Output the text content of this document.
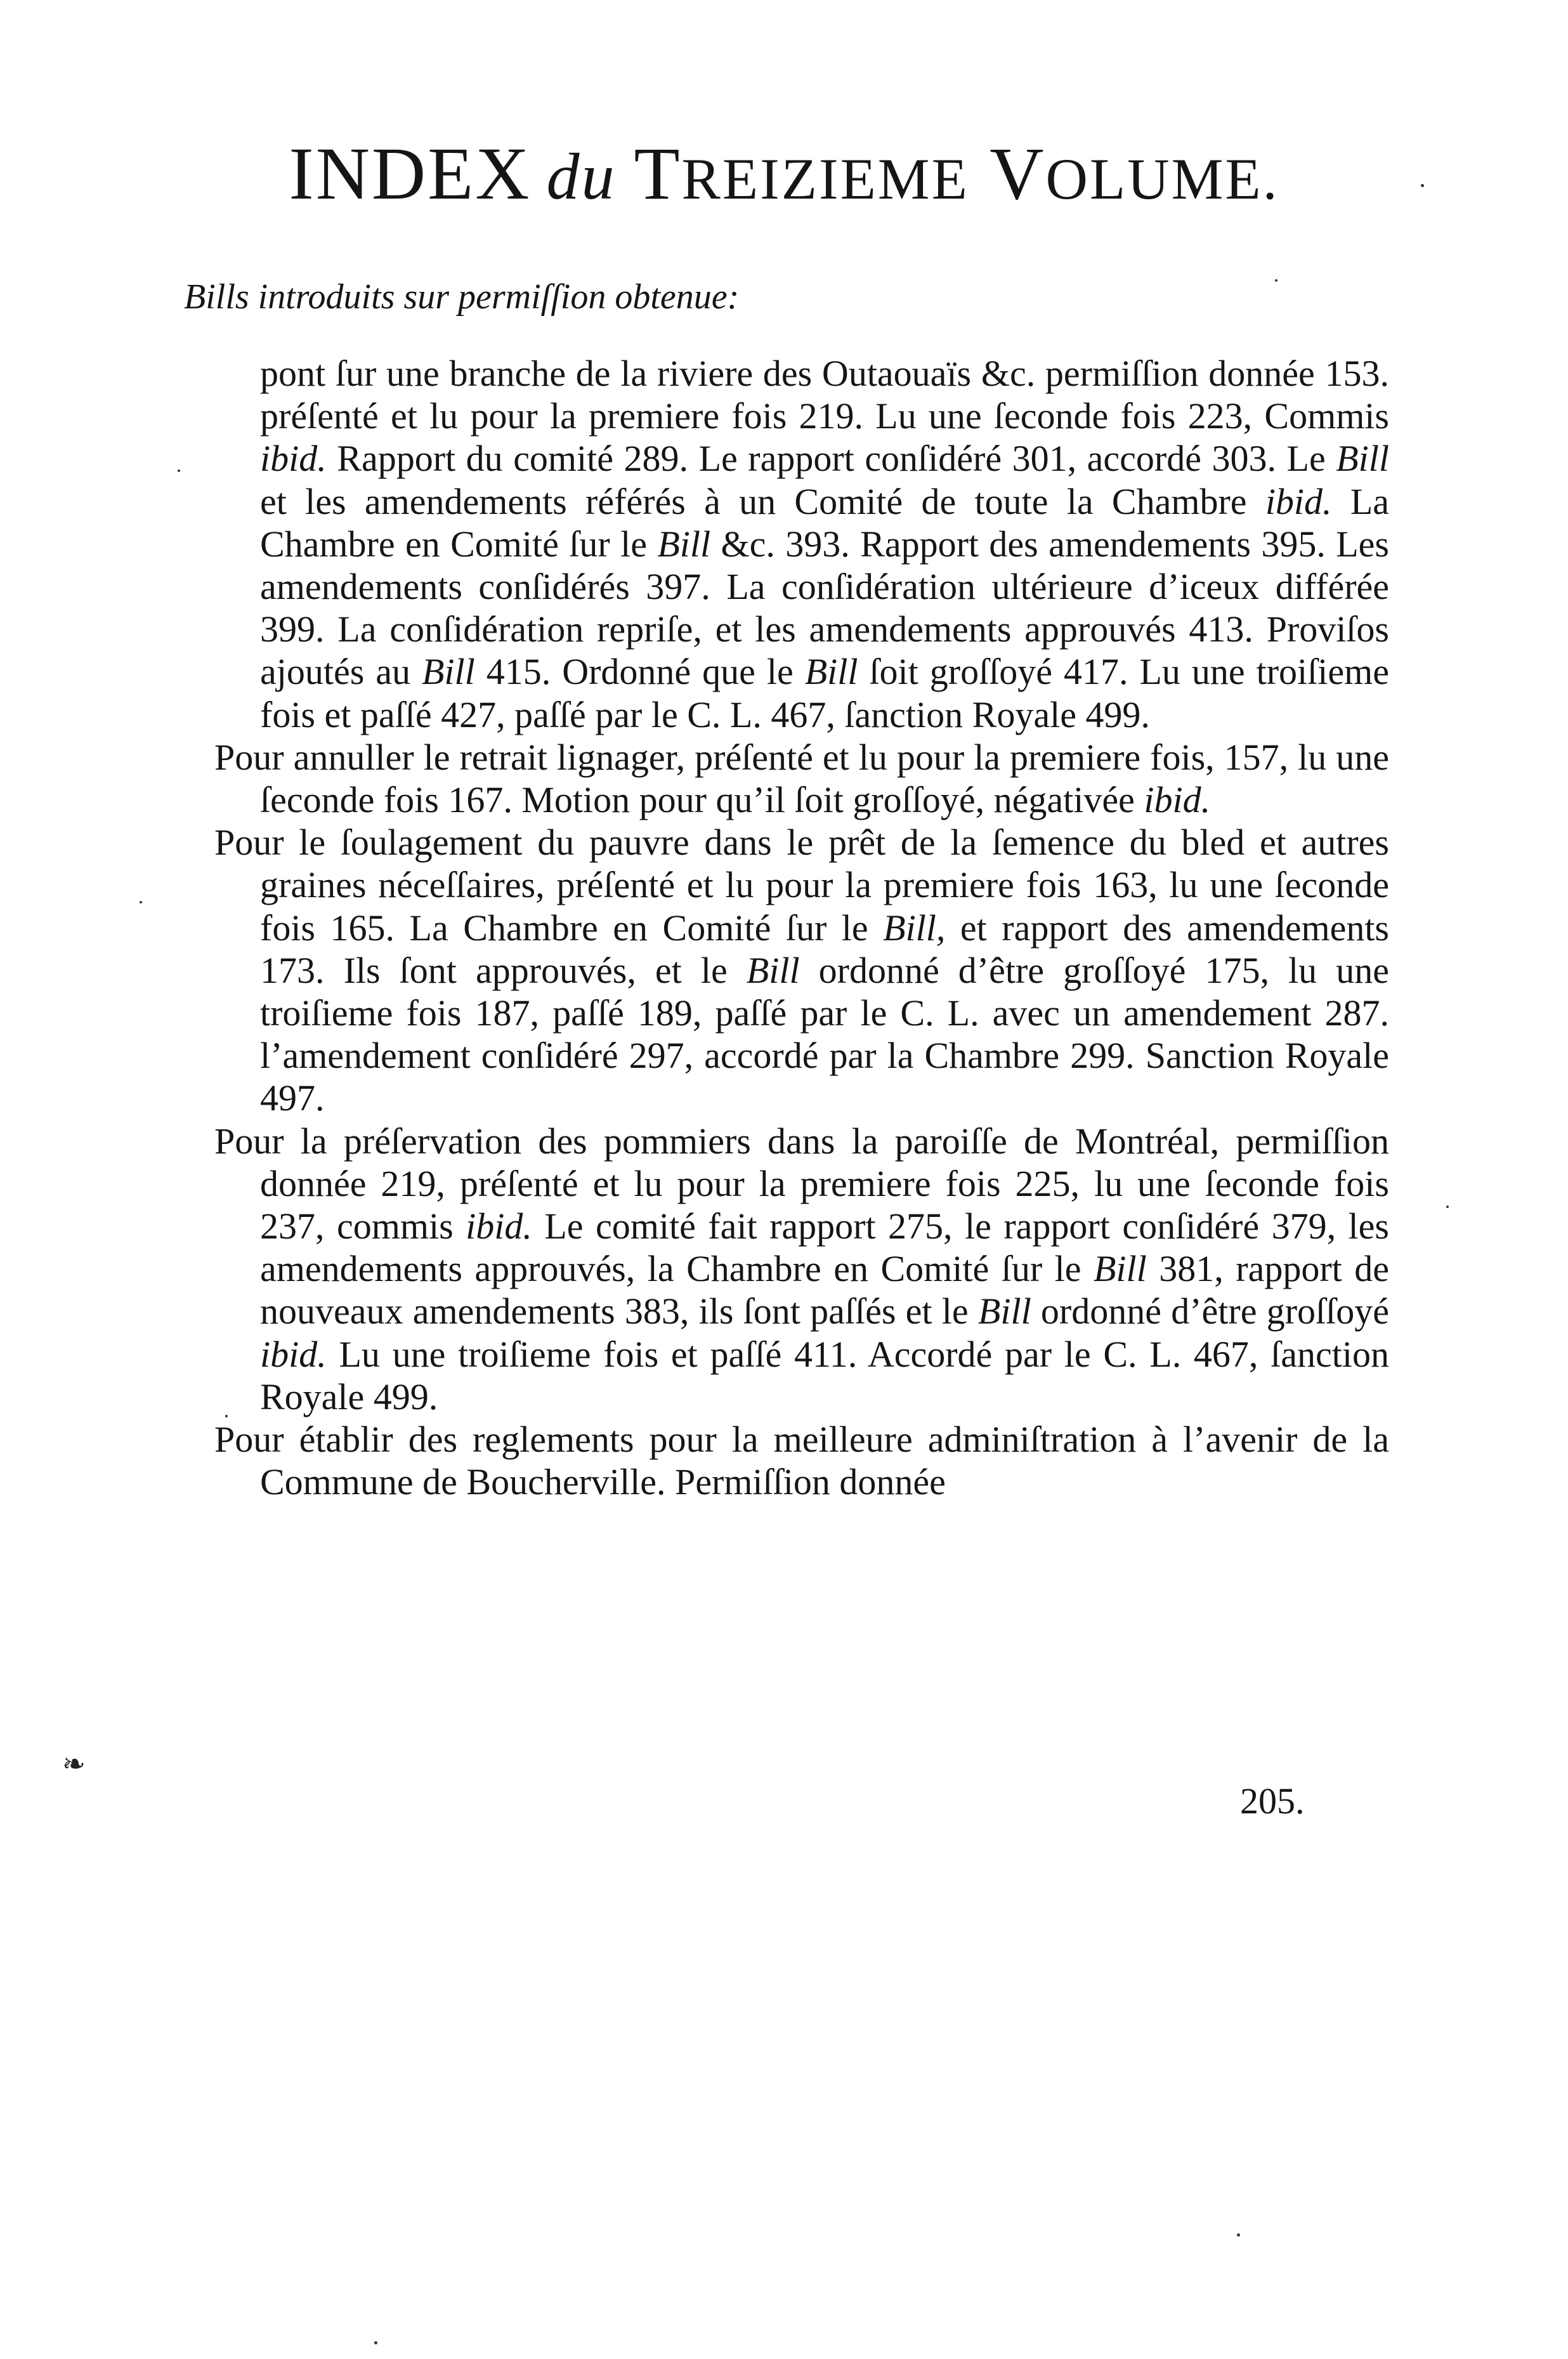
INDEX du TREIZIEME VOLUME.
Bills introduits sur permiſſion obtenue:

pont ſur une branche de la riviere des Outaouaïs &c. permiſſion donnée 153. préſenté et lu pour la premiere fois 219. Lu une ſeconde fois 223, Commis ibid. Rapport du comité 289. Le rapport conſidéré 301, accordé 303. Le Bill et les amendements référés à un Comité de toute la Chambre ibid. La Chambre en Comité ſur le Bill &c. 393. Rapport des amendements 395. Les amendements conſidérés 397. La conſidération ultérieure d’iceux différée 399. La conſidération repriſe, et les amendements approuvés 413. Proviſos ajoutés au Bill 415. Ordonné que le Bill ſoit groſſoyé 417. Lu une troiſieme fois et paſſé 427, paſſé par le C. L. 467, ſanction Royale 499.

Pour annuller le retrait lignager, préſenté et lu pour la premiere fois, 157, lu une ſeconde fois 167. Motion pour qu’il ſoit groſſoyé, négativée ibid.

Pour le ſoulagement du pauvre dans le prêt de la ſemence du bled et autres graines néceſſaires, préſenté et lu pour la premiere fois 163, lu une ſeconde fois 165. La Chambre en Comité ſur le Bill, et rapport des amendements 173. Ils ſont approuvés, et le Bill ordonné d’être groſſoyé 175, lu une troiſieme fois 187, paſſé 189, paſſé par le C. L. avec un amendement 287. l’amendement conſidéré 297, accordé par la Chambre 299. Sanction Royale 497.

Pour la préſervation des pommiers dans la paroiſſe de Montréal, permiſſion donnée 219, préſenté et lu pour la premiere fois 225, lu une ſeconde fois 237, commis ibid. Le comité fait rapport 275, le rapport conſidéré 379, les amendements approuvés, la Chambre en Comité ſur le Bill 381, rapport de nouveaux amendements 383, ils ſont paſſés et le Bill ordonné d’être groſſoyé ibid. Lu une troiſieme fois et paſſé 411. Accordé par le C. L. 467, ſanction Royale 499.

Pour établir des reglements pour la meilleure adminiſtration à l’avenir de la Commune de Boucherville. Permiſſion donnée

205.
❧
